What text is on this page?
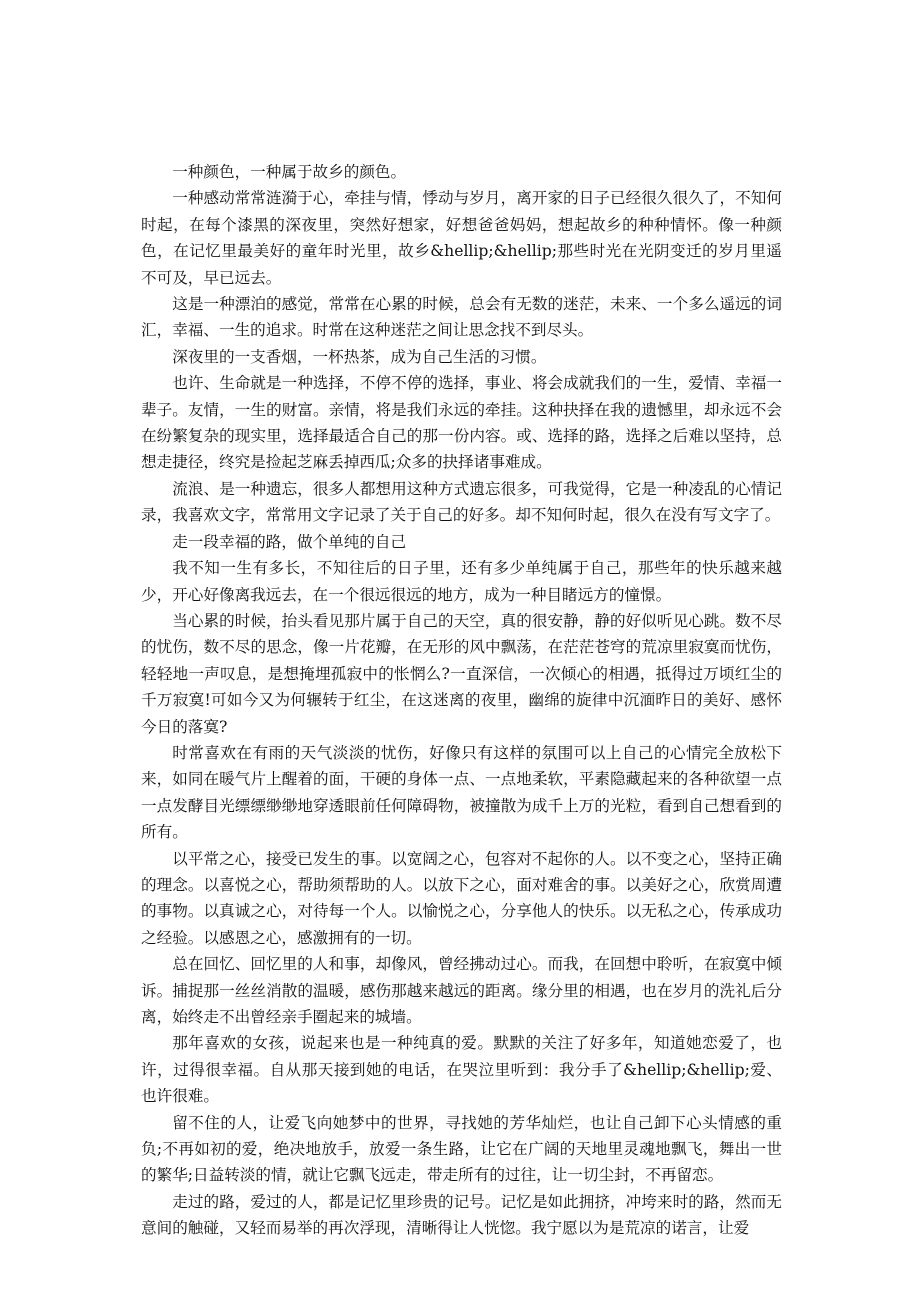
一种颜色，一种属于故乡的颜色。

一种感动常常涟漪于心，牵挂与情，悸动与岁月，离开家的日子已经很久很久了，不知何时起，在每个漆黑的深夜里，突然好想家，好想爸爸妈妈，想起故乡的种种情怀。像一种颜色，在记忆里最美好的童年时光里，故乡&hellip;&hellip;那些时光在光阴变迁的岁月里遥不可及，早已远去。

这是一种漂泊的感觉，常常在心累的时候，总会有无数的迷茫，未来、一个多么遥远的词汇，幸福、一生的追求。时常在这种迷茫之间让思念找不到尽头。

深夜里的一支香烟，一杯热茶，成为自己生活的习惯。

也许、生命就是一种选择，不停不停的选择，事业、将会成就我们的一生，爱情、幸福一辈子。友情，一生的财富。亲情，将是我们永远的牵挂。这种抉择在我的遗憾里，却永远不会在纷繁复杂的现实里，选择最适合自己的那一份内容。或、选择的路，选择之后难以坚持，总想走捷径，终究是捡起芝麻丢掉西瓜;众多的抉择诸事难成。

流浪、是一种遗忘，很多人都想用这种方式遗忘很多，可我觉得，它是一种凌乱的心情记录，我喜欢文字，常常用文字记录了关于自己的好多。却不知何时起，很久在没有写文字了。

走一段幸福的路，做个单纯的自己

我不知一生有多长，不知往后的日子里，还有多少单纯属于自己，那些年的快乐越来越少，开心好像离我远去，在一个很远很远的地方，成为一种目睹远方的憧憬。

当心累的时候，抬头看见那片属于自己的天空，真的很安静，静的好似听见心跳。数不尽的忧伤，数不尽的思念，像一片花瓣，在无形的风中飘荡，在茫茫苍穹的荒凉里寂寞而忧伤，轻轻地一声叹息，是想掩埋孤寂中的怅惘么?一直深信，一次倾心的相遇，抵得过万顷红尘的千万寂寞!可如今又为何辗转于红尘，在这迷离的夜里，幽绵的旋律中沉湎昨日的美好、感怀今日的落寞?

时常喜欢在有雨的天气淡淡的忧伤，好像只有这样的氛围可以上自己的心情完全放松下来，如同在暖气片上醒着的面，干硬的身体一点、一点地柔软，平素隐藏起来的各种欲望一点一点发酵目光缥缥缈缈地穿透眼前任何障碍物，被撞散为成千上万的光粒，看到自己想看到的所有。

以平常之心，接受已发生的事。以宽阔之心，包容对不起你的人。以不变之心，坚持正确的理念。以喜悦之心，帮助须帮助的人。以放下之心，面对难舍的事。以美好之心，欣赏周遭的事物。以真诚之心，对待每一个人。以愉悦之心，分享他人的快乐。以无私之心，传承成功之经验。以感恩之心，感激拥有的一切。

总在回忆、回忆里的人和事，却像风，曾经拂动过心。而我，在回想中聆听，在寂寞中倾诉。捕捉那一丝丝消散的温暖，感伤那越来越远的距离。缘分里的相遇，也在岁月的洗礼后分离，始终走不出曾经亲手圈起来的城墙。

那年喜欢的女孩，说起来也是一种纯真的爱。默默的关注了好多年，知道她恋爱了，也许，过得很幸福。自从那天接到她的电话，在哭泣里听到：我分手了&hellip;&hellip;爱、也许很难。

留不住的人，让爱飞向她梦中的世界，寻找她的芳华灿烂，也让自己卸下心头情感的重负;不再如初的爱，绝决地放手，放爱一条生路，让它在广阔的天地里灵魂地飘飞，舞出一世的繁华;日益转淡的情，就让它飘飞远走，带走所有的过往，让一切尘封，不再留恋。

走过的路，爱过的人，都是记忆里珍贵的记号。记忆是如此拥挤，冲垮来时的路，然而无意间的触碰，又轻而易举的再次浮现，清晰得让人恍惚。我宁愿以为是荒凉的诺言，让爱
